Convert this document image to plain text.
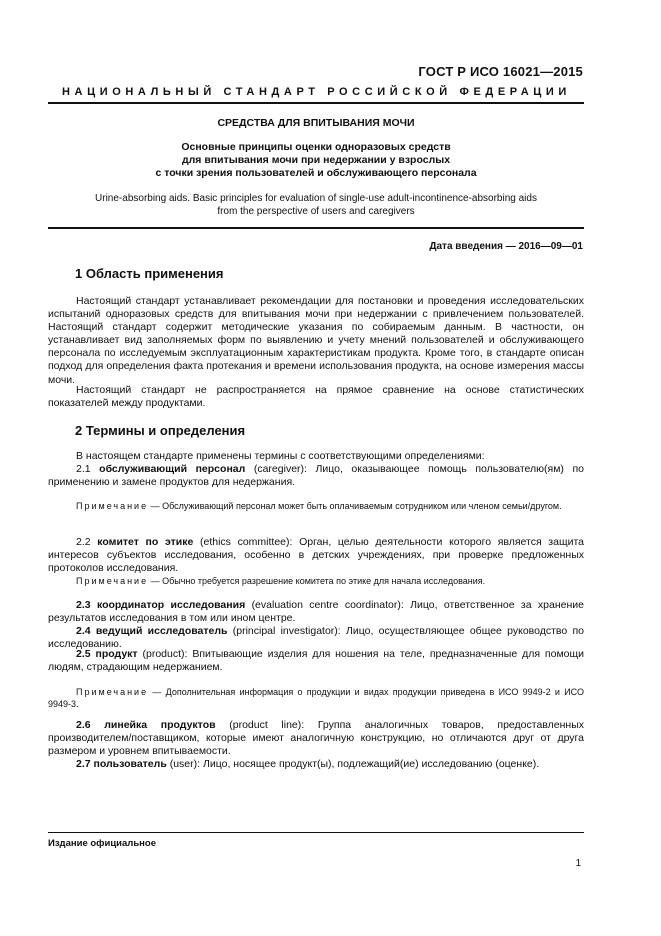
ГОСТ Р ИСО 16021—2015
НАЦИОНАЛЬНЫЙ СТАНДАРТ РОССИЙСКОЙ ФЕДЕРАЦИИ
СРЕДСТВА ДЛЯ ВПИТЫВАНИЯ МОЧИ
Основные принципы оценки одноразовых средств
для впитывания мочи при недержании у взрослых
с точки зрения пользователей и обслуживающего персонала
Urine-absorbing aids. Basic principles for evaluation of single-use adult-incontinence-absorbing aids
from the perspective of users and caregivers
Дата введения — 2016—09—01
1 Область применения
Настоящий стандарт устанавливает рекомендации для постановки и проведения исследовательских испытаний одноразовых средств для впитывания мочи при недержании с привлечением пользователей. Настоящий стандарт содержит методические указания по собираемым данным. В частности, он устанавливает вид заполняемых форм по выявлению и учету мнений пользователей и обслуживающего персонала по исследуемым эксплуатационным характеристикам продукта. Кроме того, в стандарте описан подход для определения факта протекания и времени использования продукта, на основе измерения массы мочи.
Настоящий стандарт не распространяется на прямое сравнение на основе статистических показателей между продуктами.
2 Термины и определения
В настоящем стандарте применены термины с соответствующими определениями:
2.1 обслуживающий персонал (caregiver): Лицо, оказывающее помощь пользователю(ям) по применению и замене продуктов для недержания.
Примечание — Обслуживающий персонал может быть оплачиваемым сотрудником или членом семьи/другом.
2.2 комитет по этике (ethics committee): Орган, целью деятельности которого является защита интересов субъектов исследования, особенно в детских учреждениях, при проверке предложенных протоколов исследования.
Примечание — Обычно требуется разрешение комитета по этике для начала исследования.
2.3 координатор исследования (evaluation centre coordinator): Лицо, ответственное за хранение результатов исследования в том или ином центре.
2.4 ведущий исследователь (principal investigator): Лицо, осуществляющее общее руководство по исследованию.
2.5 продукт (product): Впитывающие изделия для ношения на теле, предназначенные для помощи людям, страдающим недержанием.
Примечание — Дополнительная информация о продукции и видах продукции приведена в ИСО 9949-2 и ИСО 9949-3.
2.6 линейка продуктов (product line): Группа аналогичных товаров, предоставленных производителем/поставщиком, которые имеют аналогичную конструкцию, но отличаются друг от друга размером и уровнем впитываемости.
2.7 пользователь (user): Лицо, носящее продукт(ы), подлежащий(ие) исследованию (оценке).
Издание официальное
1
